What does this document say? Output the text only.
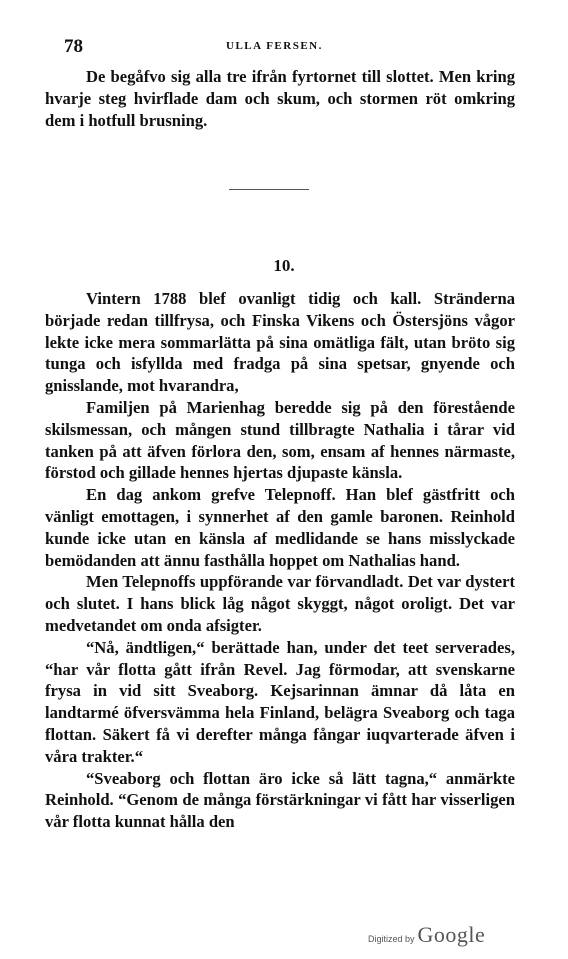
78	ULLA FERSEN.

De begåfvo sig alla tre ifrån fyrtornet till slottet. Men kring hvarje steg hvirflade dam och skum, och stormen röt omkring dem i hotfull brusning.

10.

Vintern 1788 blef ovanligt tidig och kall. Stränderna började redan tillfrysa, och Finska Vikens och Östersjöns vågor lekte icke mera sommarlätta på sina omätliga fält, utan bröto sig tunga och isfyllda med fradga på sina spetsar, gnyende och gnisslande, mot hvarandra,

Familjen på Marienhag beredde sig på den förestående skilsmessan, och mången stund tillbragte Nathalia i tårar vid tanken på att äfven förlora den, som, ensam af hennes närmaste, förstod och gillade hennes hjertas djupaste känsla.

En dag ankom grefve Telepnoff. Han blef gästfritt och vänligt emottagen, i synnerhet af den gamle baronen. Reinhold kunde icke utan en känsla af medlidande se hans misslyckade bemödanden att ännu fasthålla hoppet om Nathalias hand.

Men Telepnoffs uppförande var förvandladt. Det var dystert och slutet. I hans blick låg något skyggt, något oroligt. Det var medvetandet om onda afsigter.

“Nå, ändtligen,“ berättade han, under det teet serverades, “har vår flotta gått ifrån Revel. Jag förmodar, att svenskarne frysa in vid sitt Sveaborg. Kejsarinnan ämnar då låta en landtarmé öfversvämma hela Finland, belägra Sveaborg och taga flottan. Säkert få vi derefter många fångar iuqvarterade äfven i våra trakter.“

“Sveaborg och flottan äro icke så lätt tagna,“ anmärkte Reinhold. “Genom de många förstärkningar vi fått har visserligen vår flotta kunnat hålla den

Digitized by Google
